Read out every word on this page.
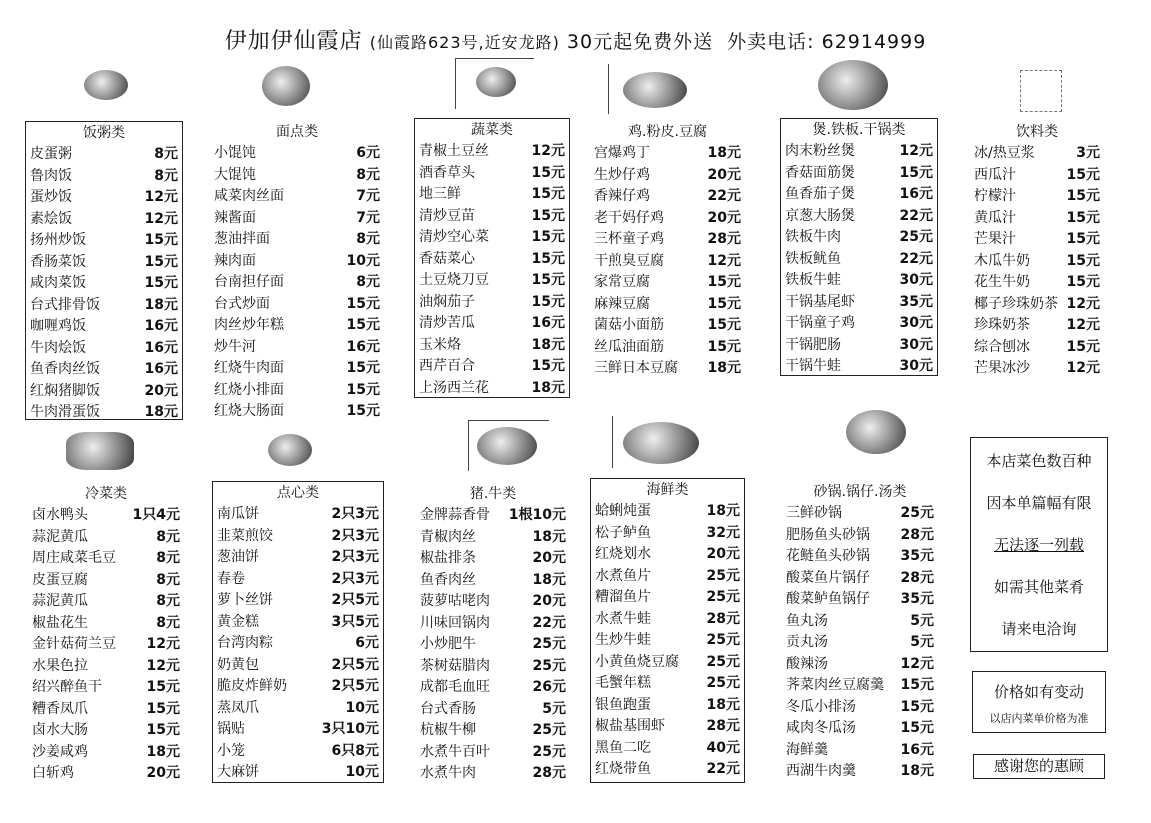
伊加伊仙霞店 (仙霞路623号,近安龙路) 30元起免费外送 外卖电话: 62914999
饭粥类
皮蛋粥	8元
鲁肉饭	8元
蛋炒饭	12元
素烩饭	12元
扬州炒饭	15元
香肠菜饭	15元
咸肉菜饭	15元
台式排骨饭	18元
咖喱鸡饭	16元
牛肉烩饭	16元
鱼香肉丝饭	16元
红焖猪脚饭	20元
牛肉滑蛋饭	18元
面点类
小馄饨	6元
大馄饨	8元
咸菜肉丝面	7元
辣酱面	7元
葱油拌面	8元
辣肉面	10元
台南担仔面	8元
台式炒面	15元
肉丝炒年糕	15元
炒牛河	16元
红烧牛肉面	15元
红烧小排面	15元
红烧大肠面	15元
蔬菜类
青椒土豆丝	12元
酒香草头	15元
地三鲜	15元
清炒豆苗	15元
清炒空心菜	15元
香菇菜心	15元
土豆烧刀豆	15元
油焖茄子	15元
清炒苦瓜	16元
玉米烙	18元
西芹百合	15元
上汤西兰花	18元
鸡.粉皮.豆腐
宫爆鸡丁	18元
生炒仔鸡	20元
香辣仔鸡	22元
老干妈仔鸡	20元
三杯童子鸡	28元
干煎臭豆腐	12元
家常豆腐	15元
麻辣豆腐	15元
菌菇小面筋	15元
丝瓜油面筋	15元
三鲜日本豆腐 18元
煲.铁板.干锅类
肉末粉丝煲	12元
香菇面筋煲	15元
鱼香茄子煲	16元
京葱大肠煲	22元
铁板牛肉	25元
铁板鱿鱼	22元
铁板牛蛙	30元
干锅基尾虾	35元
干锅童子鸡	30元
干锅肥肠	30元
干锅牛蛙	30元
饮料类
冰/热豆浆	3元
西瓜汁	15元
柠檬汁	15元
黄瓜汁	15元
芒果汁	15元
木瓜牛奶	15元
花生牛奶	15元
椰子珍珠奶茶 12元
珍珠奶茶	12元
综合刨冰	15元
芒果冰沙	12元
冷菜类
卤水鸭头	1只4元
蒜泥黄瓜	8元
周庄咸菜毛豆	8元
皮蛋豆腐	8元
蒜泥黄瓜	8元
椒盐花生	8元
金针菇荷兰豆 12元
水果色拉	12元
绍兴醉鱼干	15元
糟香凤爪	15元
卤水大肠	15元
沙姜咸鸡	18元
白斩鸡	20元
点心类
南瓜饼	2只3元
韭菜煎饺	2只3元
葱油饼	2只3元
春卷	2只3元
萝卜丝饼	2只5元
黄金糕	3只5元
台湾肉粽	6元
奶黄包	2只5元
脆皮炸鲜奶	2只5元
蒸凤爪	10元
锅贴	3只10元
小笼	6只8元
大麻饼	10元
猪.牛类
金牌蒜香骨 1根10元
青椒肉丝	18元
椒盐排条	20元
鱼香肉丝	18元
菠萝咕咾肉	20元
川味回锅肉	22元
小炒肥牛	25元
茶树菇腊肉	25元
成都毛血旺	26元
台式香肠	5元
杭椒牛柳	25元
水煮牛百叶	25元
水煮牛肉	28元
海鲜类
蛤蜊炖蛋	18元
松子鲈鱼	32元
红烧划水	20元
水煮鱼片	25元
糟溜鱼片	25元
水煮牛蛙	28元
生炒牛蛙	25元
小黄鱼烧豆腐 25元
毛蟹年糕	25元
银鱼跑蛋	18元
椒盐基围虾	28元
黑鱼二吃	40元
红烧带鱼	22元
砂锅.锅仔.汤类
三鲜砂锅	25元
肥肠鱼头砂锅 28元
花鲢鱼头砂锅 35元
酸菜鱼片锅仔 28元
酸菜鲈鱼锅仔 35元
鱼丸汤	5元
贡丸汤	5元
酸辣汤	12元
荠菜肉丝豆腐羹 15元
冬瓜小排汤	15元
咸肉冬瓜汤	15元
海鲜羹	16元
西湖牛肉羹	18元
本店菜色数百种
因本单篇幅有限
无法逐一列载
如需其他菜肴
请来电洽询
价格如有变动
以店内菜单价格为准
感谢您的惠顾
